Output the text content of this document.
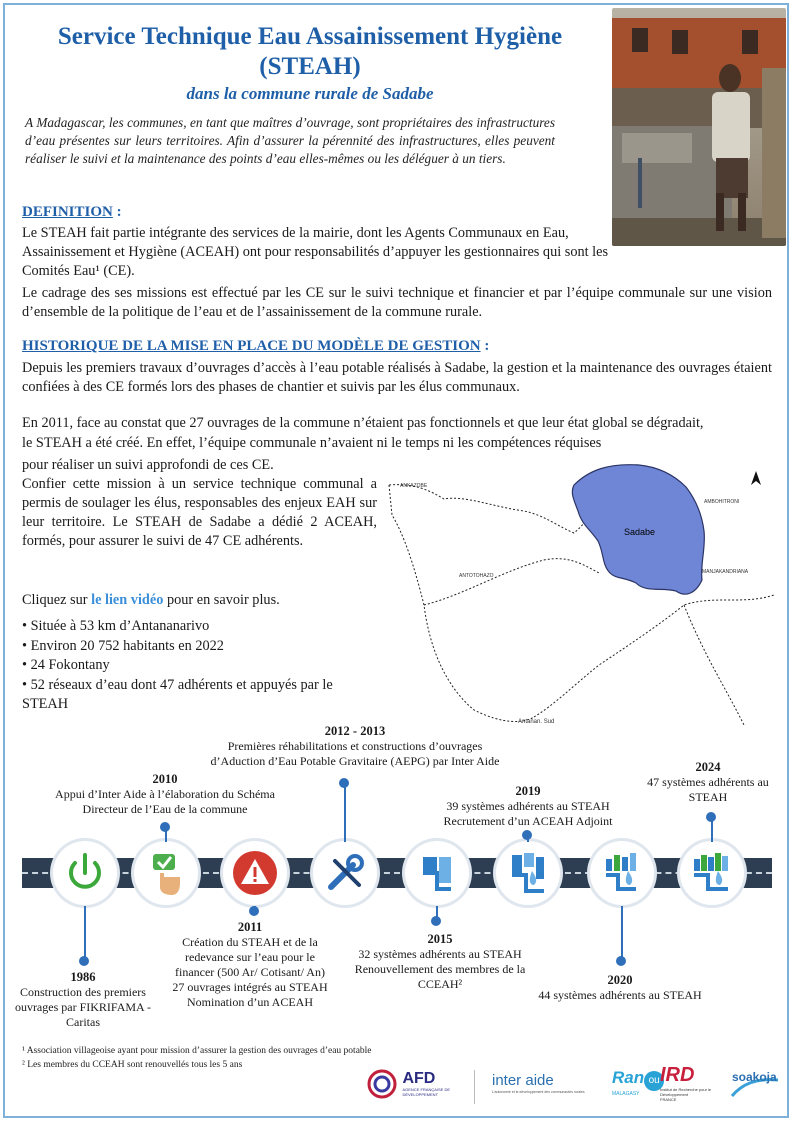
Service Technique Eau Assainissement Hygiène
(STEAH)
dans la commune rurale de Sadabe
A Madagascar, les communes, en tant que maîtres d’ouvrage, sont propriétaires des infrastructures d’eau présentes sur leurs territoires. Afin d’assurer la pérennité des infrastructures, elles peuvent réaliser le suivi et la maintenance des points d’eau elles-mêmes ou les déléguer à un tiers.
DEFINITION :
Le STEAH fait partie intégrante des services de la mairie, dont les Agents Communaux en Eau, Assainissement et Hygiène (ACEAH) ont pour responsabilités d’appuyer les gestionnaires qui sont les Comités Eau¹ (CE).
Le cadrage des ses missions est effectué par les CE sur le suivi technique et financier et par l’équipe communale sur une vision d’ensemble de la politique de l’eau et de l’assainissement de la commune rurale.
HISTORIQUE DE LA MISE EN PLACE DU MODÈLE DE GESTION :
Depuis les premiers travaux d’ouvrages d’accès à l’eau potable réalisés à Sadabe, la gestion et la maintenance des ouvrages étaient confiées à des CE formés lors des phases de chantier et suivis par les élus communaux.
En 2011, face au constat que 27 ouvrages de la commune n’étaient pas fonctionnels et que leur état global se dégradait,
le STEAH a été créé. En effet, l’équipe communale n’avaient ni le temps ni les compétences réquises
pour réaliser un suivi approfondi de ces CE.
Confier cette mission à un service technique communal a permis de soulager les élus, responsables des enjeux EAH sur leur territoire. Le STEAH de Sadabe a dédié 2 ACEAH, formés, pour assurer le suivi de 47 CE adhérents.
Cliquez sur le lien vidéo pour en savoir plus.
• Située à 53 km d’Antananarivo
• Environ 20 752 habitants en 2022
• 24 Fokontany
• 52 réseaux d’eau dont 47 adhérents et appuyés par le STEAH
Sadabe
ANKAZOBE
AMBOHITRONI
ANTOTOHAZO
MANJAKANDRIANA
Antanan. Sud
1986
Construction des premiers ouvrages par FIKRIFAMA - Caritas
2010
Appui d’Inter Aide à l’élaboration du Schéma Directeur de l’Eau de la commune
2011
Création du STEAH et de la redevance sur l’eau pour le financer (500 Ar/ Cotisant/ An) 27 ouvrages intégrés au STEAH Nomination d’un ACEAH
2012 - 2013
Premières réhabilitations et constructions d’ouvrages d’Aduction d’Eau Potable Gravitaire (AEPG) par Inter Aide
2015
32 systèmes adhérents au STEAH Renouvellement des membres de la CCEAH²
2019
39 systèmes adhérents au STEAH Recrutement d’un ACEAH Adjoint
2020
44 systèmes adhérents au STEAH
2024
47 systèmes adhérents au STEAH
¹ Association villageoise ayant pour mission d’assurer la gestion des ouvrages d’eau potable
² Les membres du CCEAH sont renouvellés tous les 5 ans

AFD
AGENCE FRANÇAISE DE DÉVELOPPEMENT
inter aide
L’autonomie et le développement des communautés rurales
Ran ou
MALAGASY
IRD
Institut de Recherche pour le Développement
FRANCE
soakoja
